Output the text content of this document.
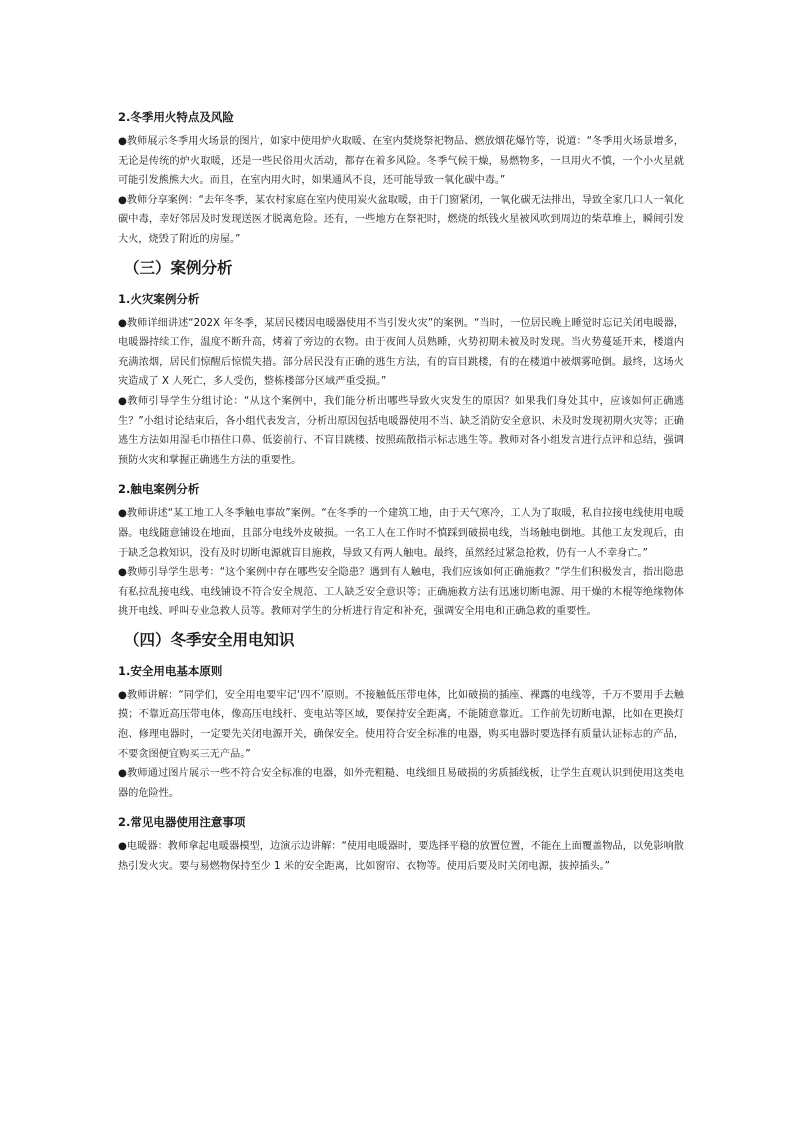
2.冬季用火特点及风险
●教师展示冬季用火场景的图片，如家中使用炉火取暖、在室内焚烧祭祀物品、燃放烟花爆竹等，说道：“冬季用火场景增多，无论是传统的炉火取暖，还是一些民俗用火活动，都存在着多风险。冬季气候干燥，易燃物多，一旦用火不慎，一个小火星就可能引发熊熊大火。而且，在室内用火时，如果通风不良，还可能导致一氧化碳中毒。”
●教师分享案例：“去年冬季，某农村家庭在室内使用炭火盆取暖，由于门窗紧闭，一氧化碳无法排出，导致全家几口人一氧化碳中毒，幸好邻居及时发现送医才脱离危险。还有，一些地方在祭祀时，燃烧的纸钱火星被风吹到周边的柴草堆上，瞬间引发大火，烧毁了附近的房屋。”
（三）案例分析
1.火灾案例分析
●教师详细讲述“202X 年冬季，某居民楼因电暖器使用不当引发火灾”的案例。“当时，一位居民晚上睡觉时忘记关闭电暖器，电暖器持续工作，温度不断升高，烤着了旁边的衣物。由于夜间人员熟睡，火势初期未被及时发现。当火势蔓延开来，楼道内充满浓烟，居民们惊醒后惊慌失措。部分居民没有正确的逃生方法，有的盲目跳楼，有的在楼道中被烟雾呛倒。最终，这场火灾造成了 X 人死亡，多人受伤，整栋楼部分区域严重受损。”
●教师引导学生分组讨论：“从这个案例中，我们能分析出哪些导致火灾发生的原因？如果我们身处其中，应该如何正确逃生？”小组讨论结束后，各小组代表发言，分析出原因包括电暖器使用不当、缺乏消防安全意识、未及时发现初期火灾等；正确逃生方法如用湿毛巾捂住口鼻、低姿前行、不盲目跳楼、按照疏散指示标志逃生等。教师对各小组发言进行点评和总结，强调预防火灾和掌握正确逃生方法的重要性。
2.触电案例分析
●教师讲述“某工地工人冬季触电事故”案例。“在冬季的一个建筑工地，由于天气寒冷，工人为了取暖，私自拉接电线使用电暖器。电线随意铺设在地面，且部分电线外皮破损。一名工人在工作时不慎踩到破损电线，当场触电倒地。其他工友发现后，由于缺乏急救知识，没有及时切断电源就盲目施救，导致又有两人触电。最终，虽然经过紧急抢救，仍有一人不幸身亡。”
●教师引导学生思考：“这个案例中存在哪些安全隐患？遇到有人触电，我们应该如何正确施救？”学生们积极发言，指出隐患有私拉乱接电线、电线铺设不符合安全规范、工人缺乏安全意识等；正确施救方法有迅速切断电源、用干燥的木棍等绝缘物体挑开电线、呼叫专业急救人员等。教师对学生的分析进行肯定和补充，强调安全用电和正确急救的重要性。
（四）冬季安全用电知识
1.安全用电基本原则
●教师讲解：“同学们，安全用电要牢记‘四不’原则。不接触低压带电体，比如破损的插座、裸露的电线等，千万不要用手去触摸；不靠近高压带电体，像高压电线杆、变电站等区域，要保持安全距离，不能随意靠近。工作前先切断电源，比如在更换灯泡、修理电器时，一定要先关闭电源开关，确保安全。使用符合安全标准的电器，购买电器时要选择有质量认证标志的产品，不要贪图便宜购买三无产品。”
●教师通过图片展示一些不符合安全标准的电器，如外壳粗糙、电线细且易破损的劣质插线板，让学生直观认识到使用这类电器的危险性。
2.常见电器使用注意事项
●电暖器：教师拿起电暖器模型，边演示边讲解：“使用电暖器时，要选择平稳的放置位置，不能在上面覆盖物品，以免影响散热引发火灾。要与易燃物保持至少 1 米的安全距离，比如窗帘、衣物等。使用后要及时关闭电源，拔掉插头。”
